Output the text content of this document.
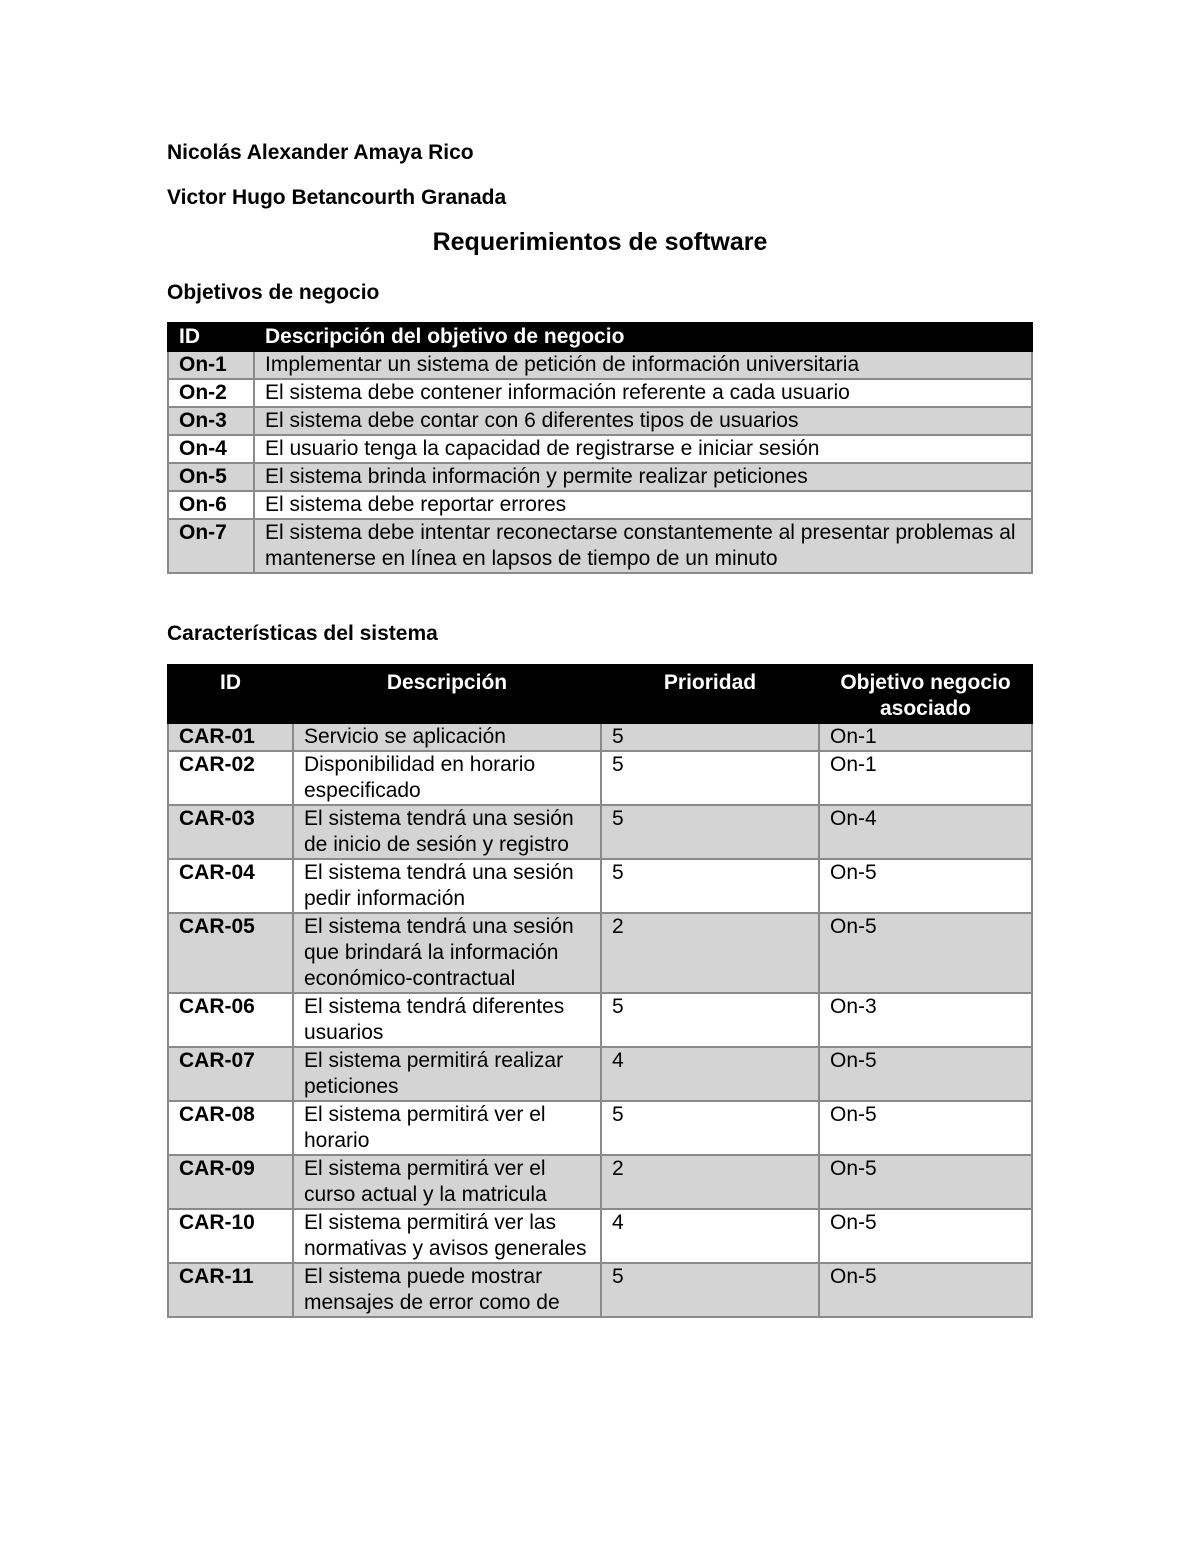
Nicolás Alexander Amaya Rico
Victor Hugo Betancourth Granada
Requerimientos de software
Objetivos de negocio
ID	Descripción del objetivo de negocio
On-1	Implementar un sistema de petición de información universitaria
On-2	El sistema debe contener información referente a cada usuario
On-3	El sistema debe contar con 6 diferentes tipos de usuarios
On-4	El usuario tenga la capacidad de registrarse e iniciar sesión
On-5	El sistema brinda información y permite realizar peticiones
On-6	El sistema debe reportar errores
On-7	El sistema debe intentar reconectarse constantemente al presentar problemas al mantenerse en línea en lapsos de tiempo de un minuto
Características del sistema
ID	Descripción	Prioridad	Objetivo negocio asociado
CAR-01	Servicio se aplicación	5	On-1
CAR-02	Disponibilidad en horario especificado	5	On-1
CAR-03	El sistema tendrá una sesión de inicio de sesión y registro	5	On-4
CAR-04	El sistema tendrá una sesión pedir información	5	On-5
CAR-05	El sistema tendrá una sesión que brindará la información económico-contractual	2	On-5
CAR-06	El sistema tendrá diferentes usuarios	5	On-3
CAR-07	El sistema permitirá realizar peticiones	4	On-5
CAR-08	El sistema permitirá ver el horario	5	On-5
CAR-09	El sistema permitirá ver el curso actual y la matricula	2	On-5
CAR-10	El sistema permitirá ver las normativas y avisos generales	4	On-5
CAR-11	El sistema puede mostrar mensajes de error como de	5	On-5
